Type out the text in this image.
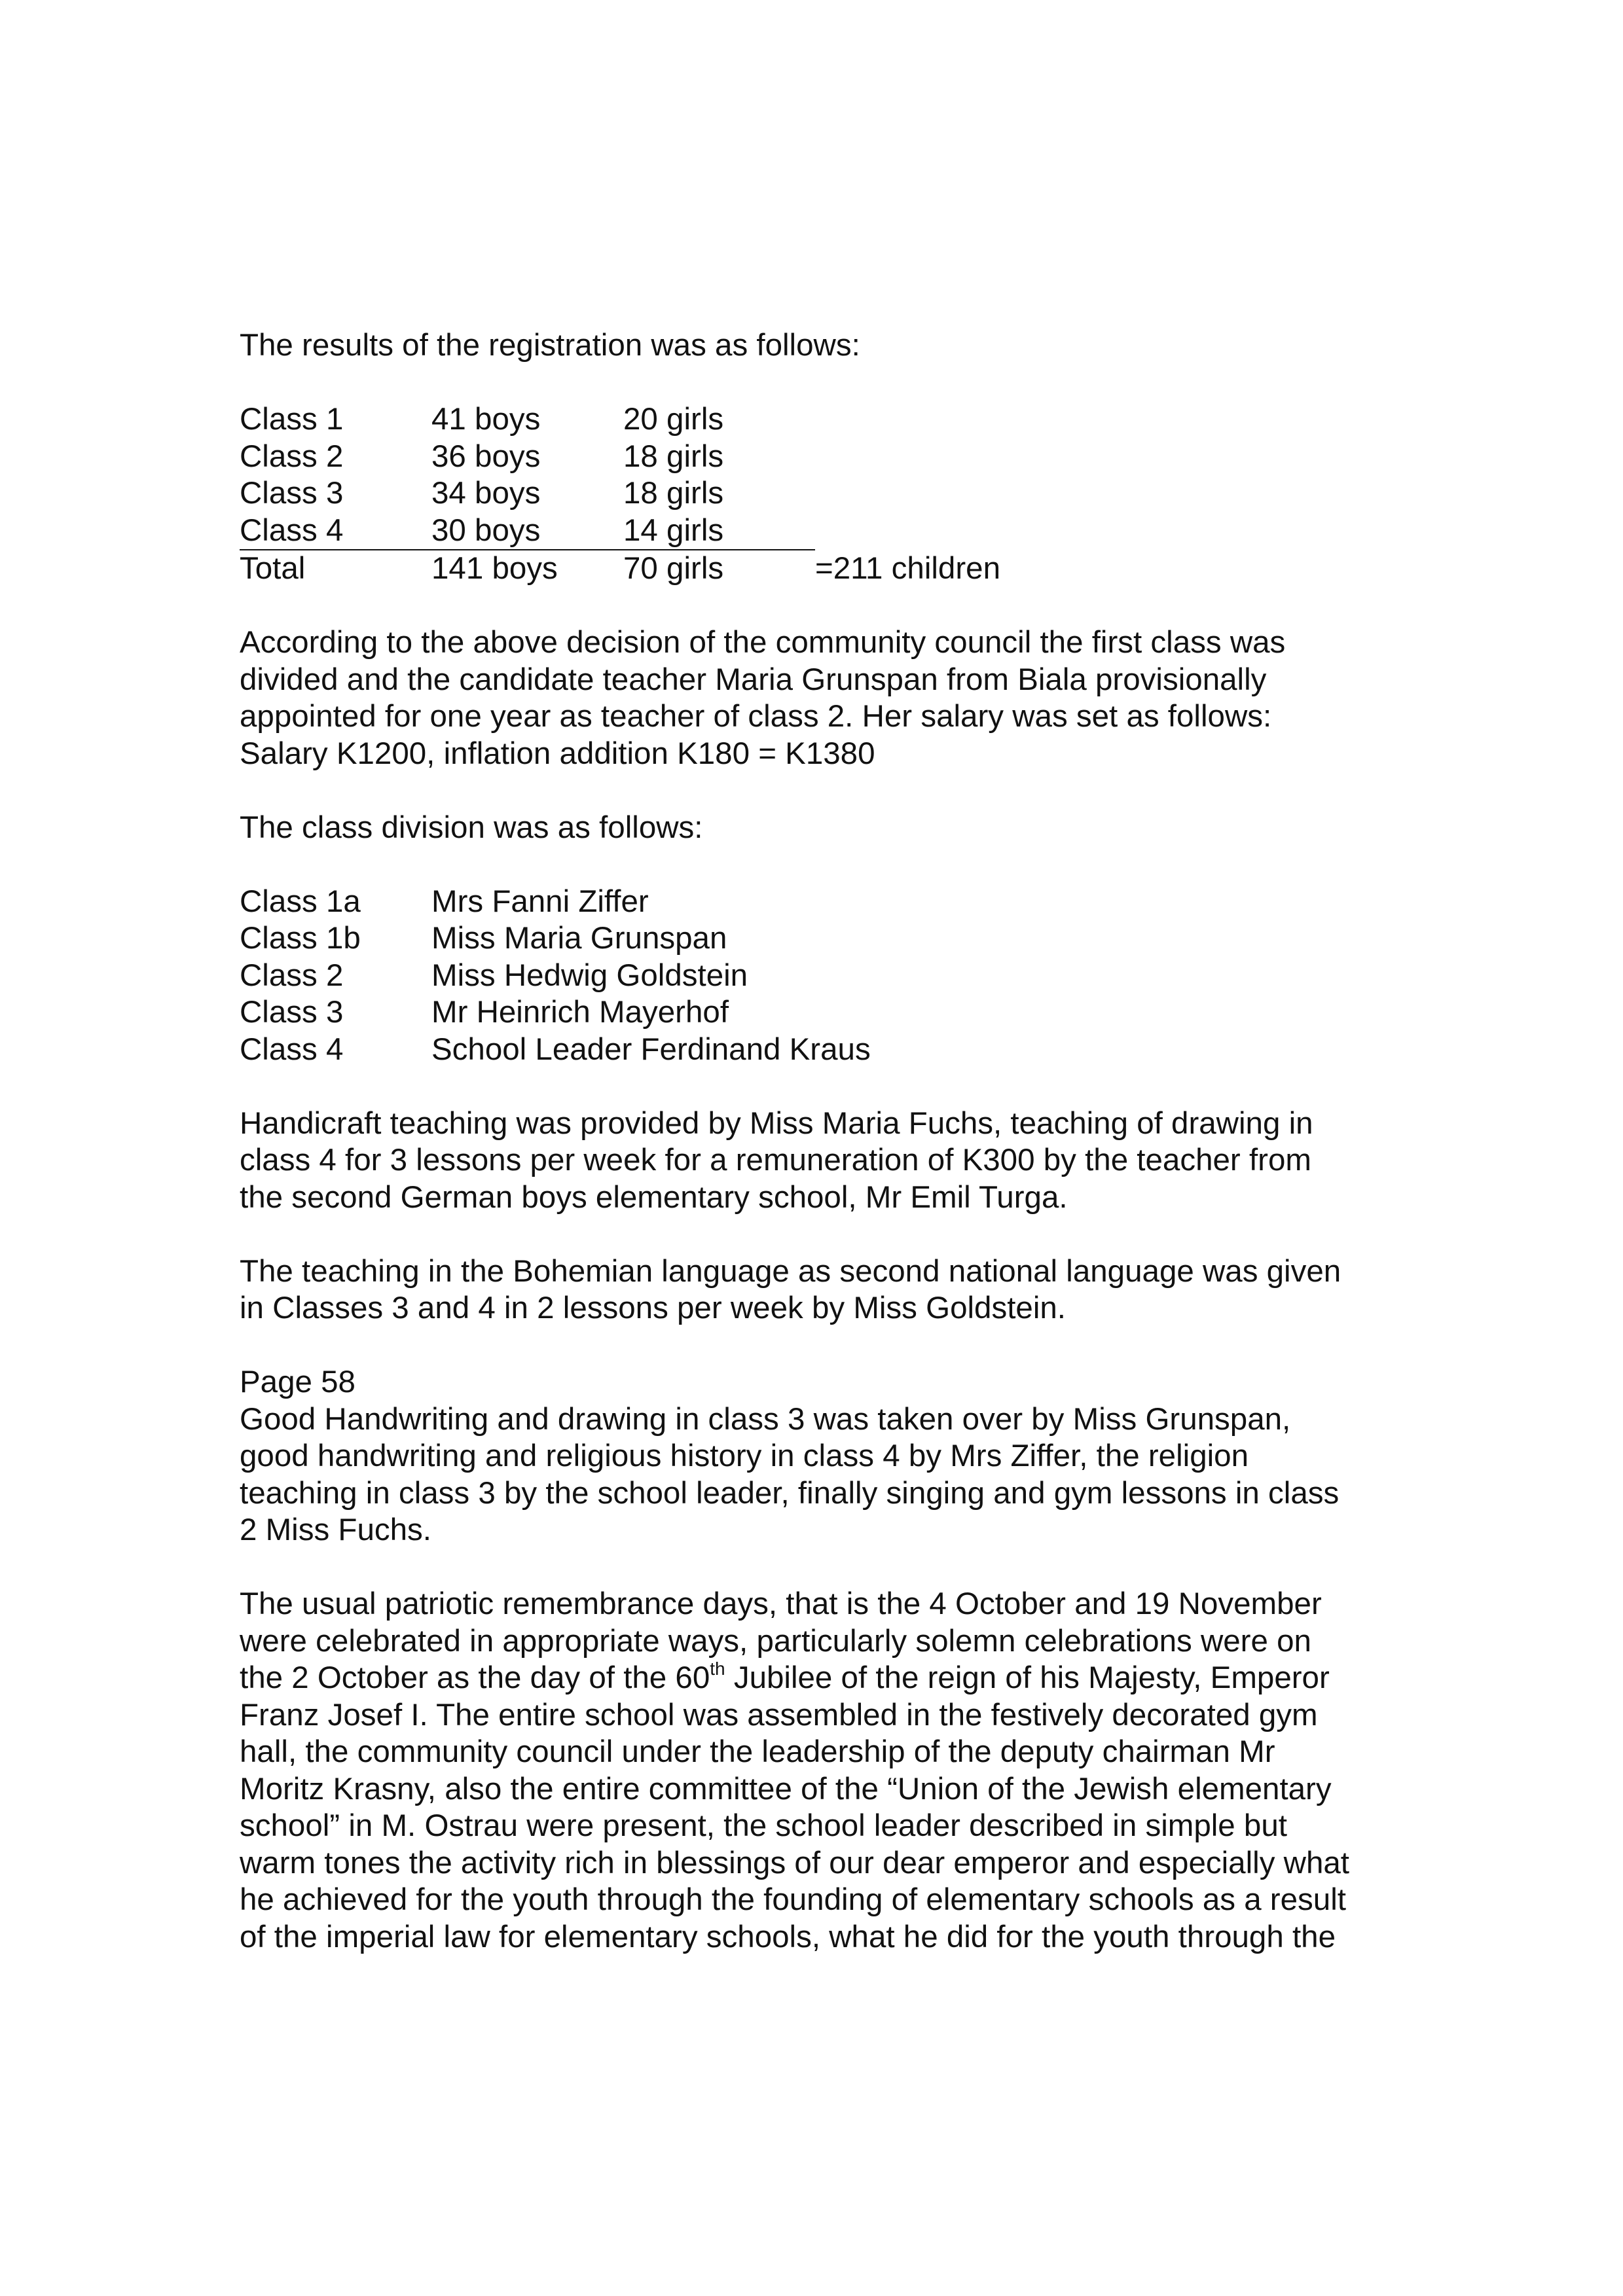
The results of the registration was as follows:

Class 1	41 boys	20 girls	
Class 2	36 boys	18 girls	
Class 3	34 boys	18 girls	
Class 4	30 boys	14 girls	
Total	141 boys	70 girls	=211 children

According to the above decision of the community council the first class was
divided and the candidate teacher Maria Grunspan from Biala provisionally
appointed for one year as teacher of class 2. Her salary was set as follows:
Salary K1200, inflation addition K180 = K1380

The class division was as follows:

Class 1a	Mrs Fanni Ziffer
Class 1b	Miss Maria Grunspan
Class 2	Miss Hedwig Goldstein
Class 3	Mr Heinrich Mayerhof
Class 4	School Leader Ferdinand Kraus

Handicraft teaching was provided by Miss Maria Fuchs, teaching of drawing in
class 4 for 3 lessons per week for a remuneration of K300 by the teacher from
the second German boys elementary school, Mr Emil Turga.

The teaching in the Bohemian language as second national language was given
in Classes 3 and 4 in 2 lessons per week by Miss Goldstein.

Page 58
Good Handwriting and drawing in class 3 was taken over by Miss Grunspan,
good handwriting and religious history in class 4 by Mrs Ziffer, the religion
teaching in class 3 by the school leader, finally singing and gym lessons in class
2 Miss Fuchs.

The usual patriotic remembrance days, that is the 4 October and 19 November
were celebrated in appropriate ways, particularly solemn celebrations were on
the 2 October as the day of the 60th Jubilee of the reign of his Majesty, Emperor
Franz Josef I. The entire school was assembled in the festively decorated gym
hall, the community council under the leadership of the deputy chairman Mr
Moritz Krasny, also the entire committee of the “Union of the Jewish elementary
school” in M. Ostrau were present, the school leader described in simple but
warm tones the activity rich in blessings of our dear emperor and especially what
he achieved for the youth through the founding of elementary schools as a result
of the imperial law for elementary schools, what he did for the youth through the
